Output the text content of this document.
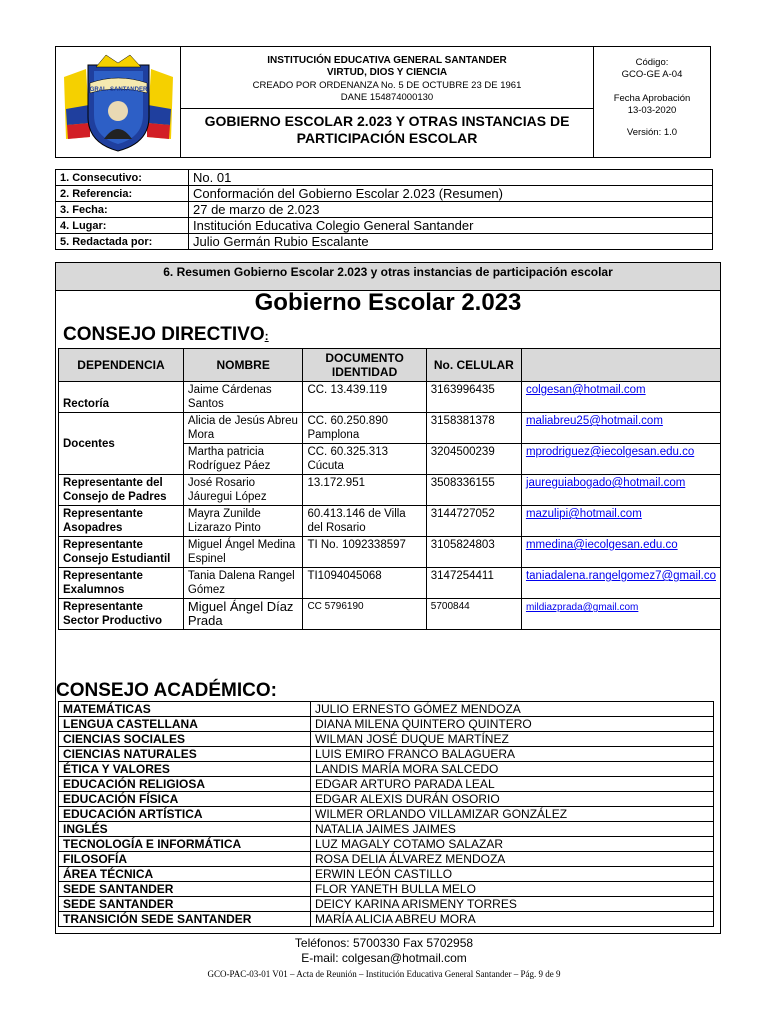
GRAL. SANTANDER
INSTITUCIÓN EDUCATIVA GENERAL SANTANDER
VIRTUD, DIOS Y CIENCIA
CREADO POR ORDENANZA No. 5 DE OCTUBRE 23 DE 1961
DANE 154874000130
GOBIERNO ESCOLAR 2.023 Y OTRAS INSTANCIAS DE PARTICIPACIÓN ESCOLAR
Código:
GCO-GE A-04
Fecha Aprobación
13-03-2020
Versión: 1.0
1. Consecutivo:	No. 01
2. Referencia:	Conformación del Gobierno Escolar 2.023 (Resumen)
3. Fecha:	27 de marzo de 2.023
4. Lugar:	Institución Educativa Colegio General Santander
5. Redactada por:	Julio Germán Rubio Escalante
6. Resumen Gobierno Escolar 2.023 y otras instancias de participación escolar
Gobierno Escolar 2.023
CONSEJO DIRECTIVO:
CONSEJO ACADÉMICO:
DEPENDENCIA	NOMBRE	DOCUMENTO IDENTIDAD	No. CELULAR	
Rectoría	Jaime Cárdenas Santos	CC. 13.439.119	3163996435	colgesan@hotmail.com
Docentes	Alicia de Jesús Abreu Mora	CC. 60.250.890 Pamplona	3158381378	maliabreu25@hotmail.com
	Martha patricia Rodríguez Páez	CC. 60.325.313 Cúcuta	3204500239	mprodriguez@iecolgesan.edu.co
Representante del Consejo de Padres	José Rosario Jáuregui López	13.172.951	3508336155	jaureguiabogado@hotmail.com
Representante Asopadres	Mayra Zunilde Lizarazo Pinto	60.413.146 de Villa del Rosario	3144727052	mazulipi@hotmail.com
Representante Consejo Estudiantil	Miguel Ángel Medina Espinel	TI No. 1092338597	3105824803	mmedina@iecolgesan.edu.co
Representante Exalumnos	Tania Dalena Rangel Gómez	TI1094045068	3147254411	taniadalena.rangelgomez7@gmail.co
Representante Sector Productivo	Miguel Ángel Díaz Prada	CC 5796190	5700844	mildiazprada@gmail.com
MATEMÁTICAS	JULIO ERNESTO GÓMEZ MENDOZA
LENGUA CASTELLANA	DIANA MILENA QUINTERO QUINTERO
CIENCIAS SOCIALES	WILMAN JOSÉ DUQUE MARTÍNEZ
CIENCIAS NATURALES	LUIS EMIRO FRANCO BALAGUERA
ÉTICA Y VALORES	LANDIS MARÍA MORA SALCEDO
EDUCACIÓN RELIGIOSA	EDGAR ARTURO PARADA LEAL
EDUCACIÓN FÍSICA	EDGAR ALEXIS DURÁN OSORIO
EDUCACIÓN ARTÍSTICA	WILMER ORLANDO VILLAMIZAR GONZÁLEZ
INGLÉS	NATALIA JAIMES JAIMES
TECNOLOGÍA E INFORMÁTICA	LUZ MAGALY COTAMO SALAZAR
FILOSOFÍA	ROSA DELIA ÁLVAREZ MENDOZA
ÁREA TÉCNICA	ERWIN LEÓN CASTILLO
SEDE SANTANDER	FLOR YANETH BULLA MELO
SEDE SANTANDER	DEICY KARINA ARISMENY TORRES
TRANSICIÓN SEDE SANTANDER	MARÍA ALICIA ABREU MORA
Teléfonos: 5700330 Fax 5702958
E-mail: colgesan@hotmail.com
GCO-PAC-03-01 V01 – Acta de Reunión – Institución Educativa General Santander – Pág. 9 de 9
